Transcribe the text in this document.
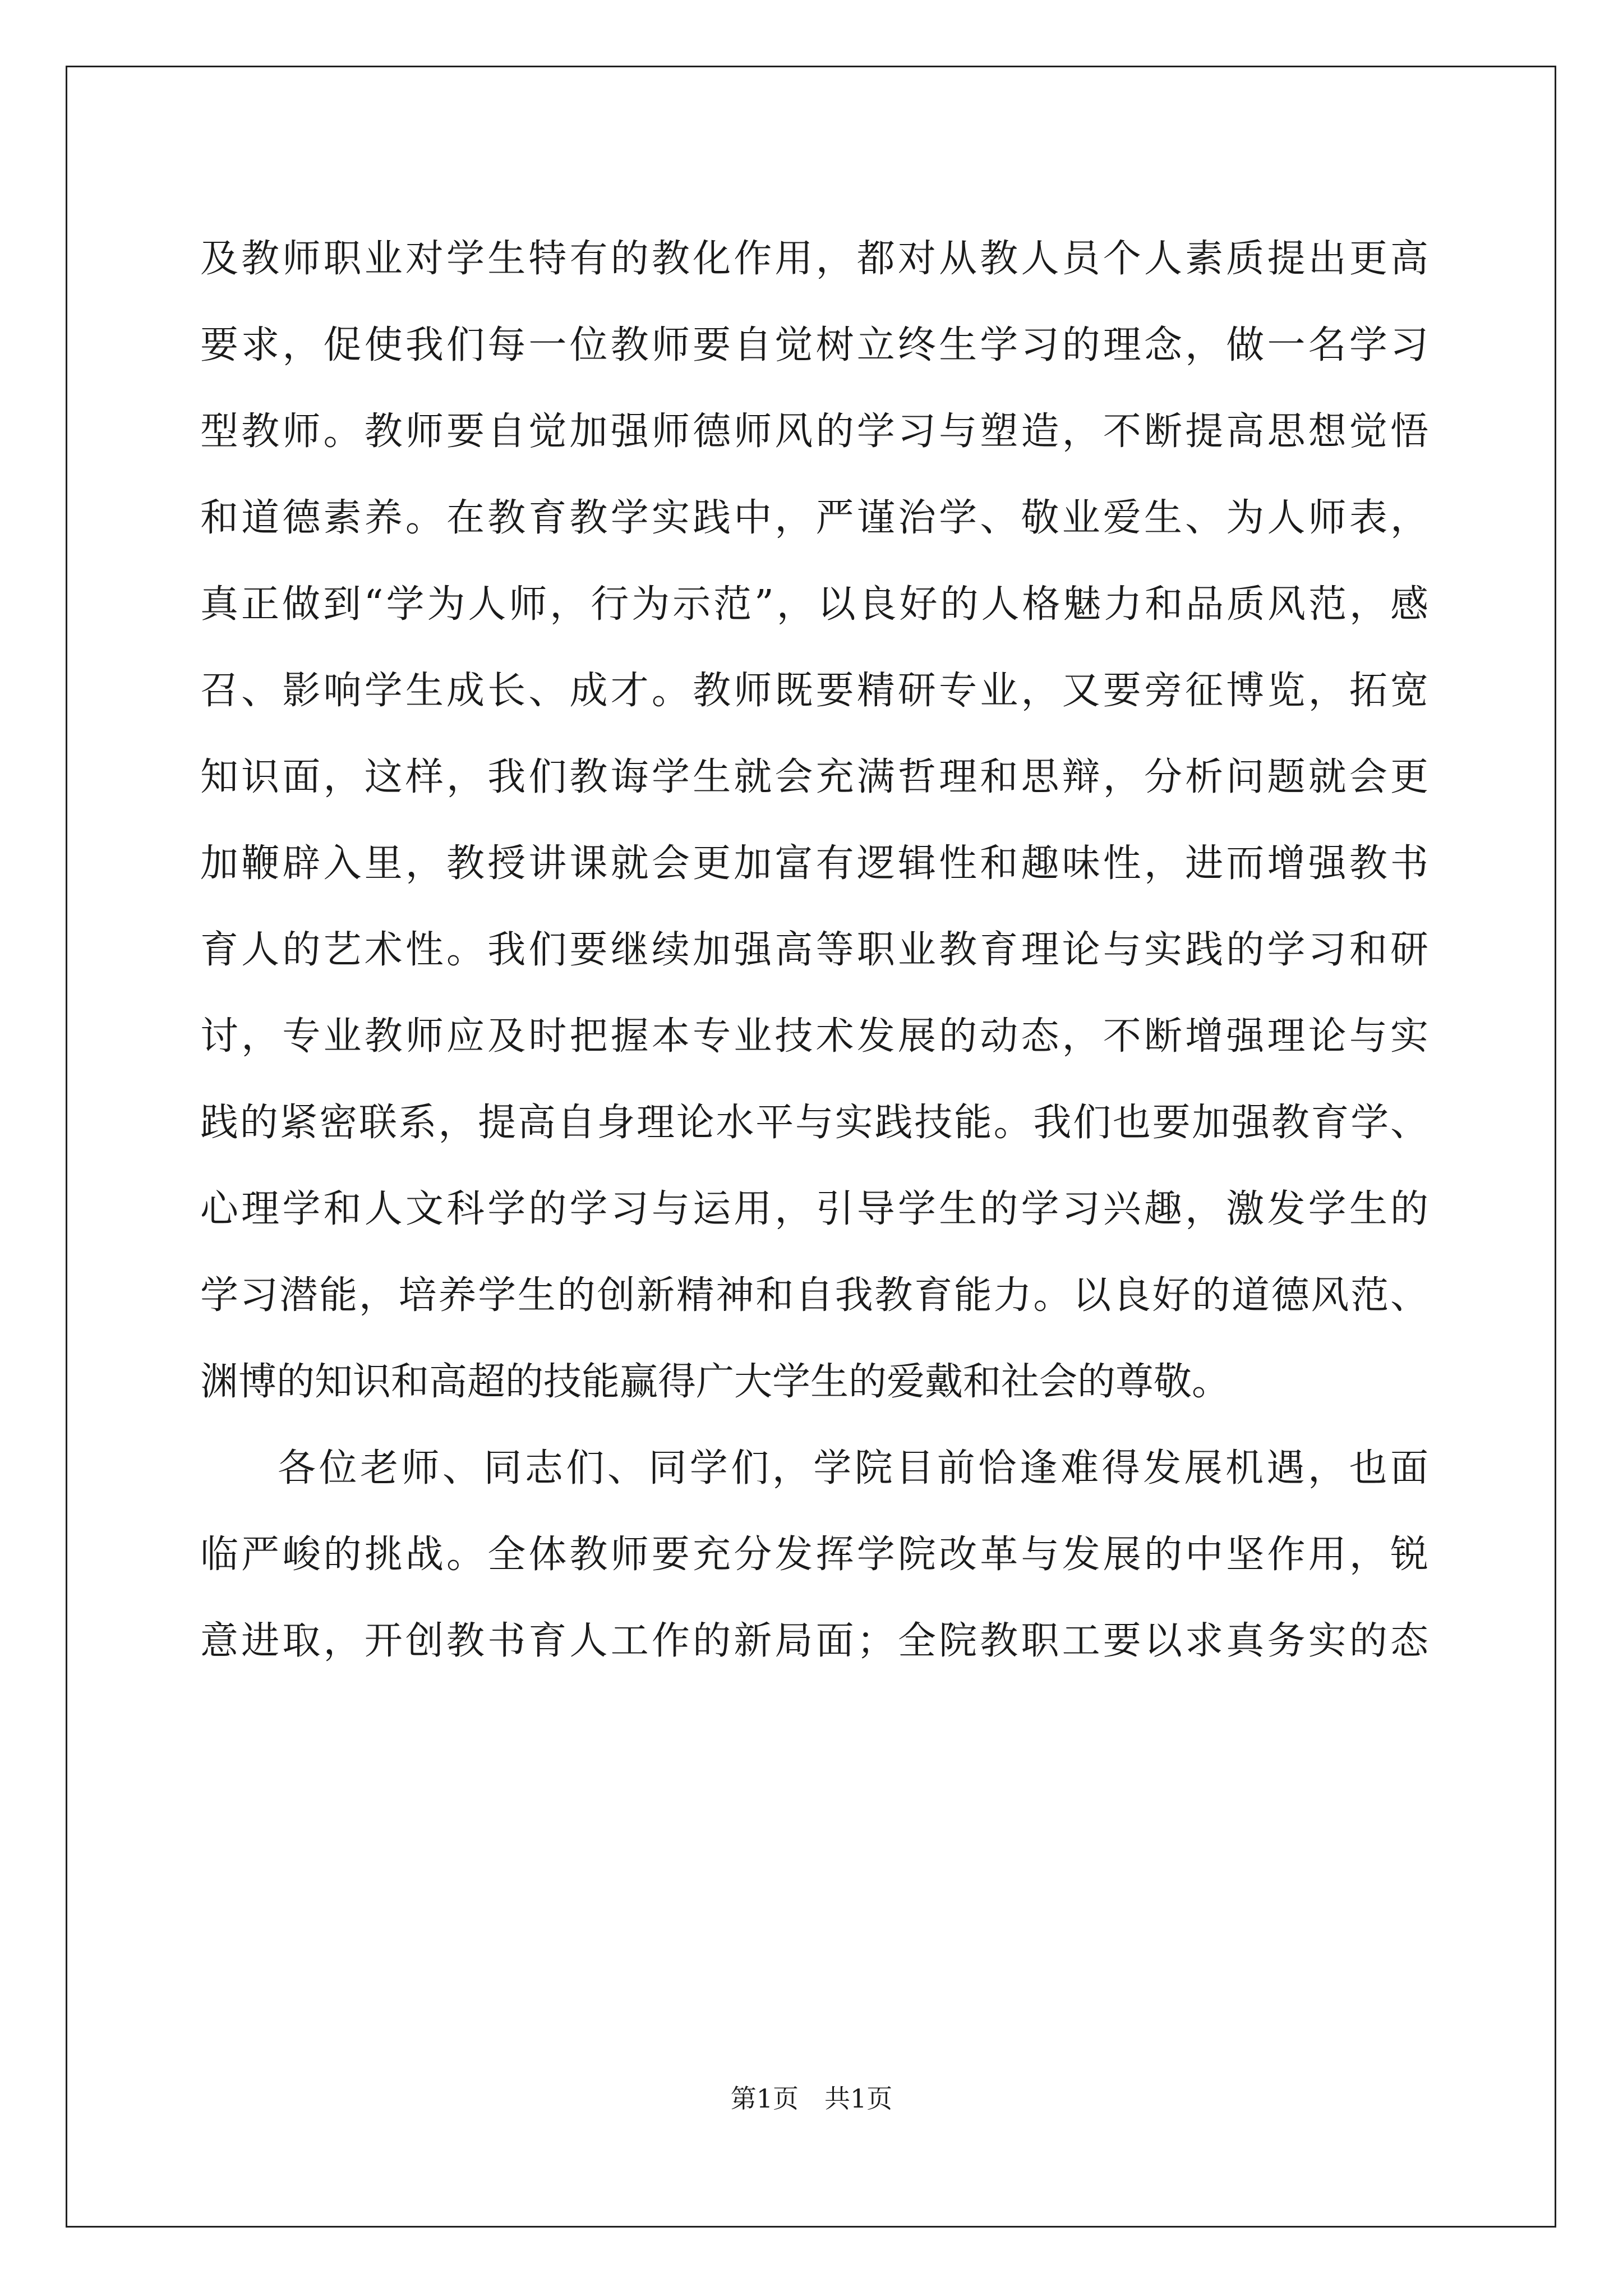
及教师职业对学生特有的教化作用，都对从教人员个人素质提出更高
要求，促使我们每一位教师要自觉树立终生学习的理念，做一名学习
型教师。教师要自觉加强师德师风的学习与塑造，不断提高思想觉悟
和道德素养。在教育教学实践中，严谨治学、敬业爱生、为人师表，
真正做到“学为人师，行为示范”，以良好的人格魅力和品质风范，感
召、影响学生成长、成才。教师既要精研专业，又要旁征博览，拓宽
知识面，这样，我们教诲学生就会充满哲理和思辩，分析问题就会更
加鞭辟入里，教授讲课就会更加富有逻辑性和趣味性，进而增强教书
育人的艺术性。我们要继续加强高等职业教育理论与实践的学习和研
讨，专业教师应及时把握本专业技术发展的动态，不断增强理论与实
践的紧密联系，提高自身理论水平与实践技能。我们也要加强教育学、
心理学和人文科学的学习与运用，引导学生的学习兴趣，激发学生的
学习潜能，培养学生的创新精神和自我教育能力。以良好的道德风范、
渊博的知识和高超的技能赢得广大学生的爱戴和社会的尊敬。
各位老师、同志们、同学们，学院目前恰逢难得发展机遇，也面
临严峻的挑战。全体教师要充分发挥学院改革与发展的中坚作用，锐
意进取，开创教书育人工作的新局面；全院教职工要以求真务实的态
第1页　共1页
